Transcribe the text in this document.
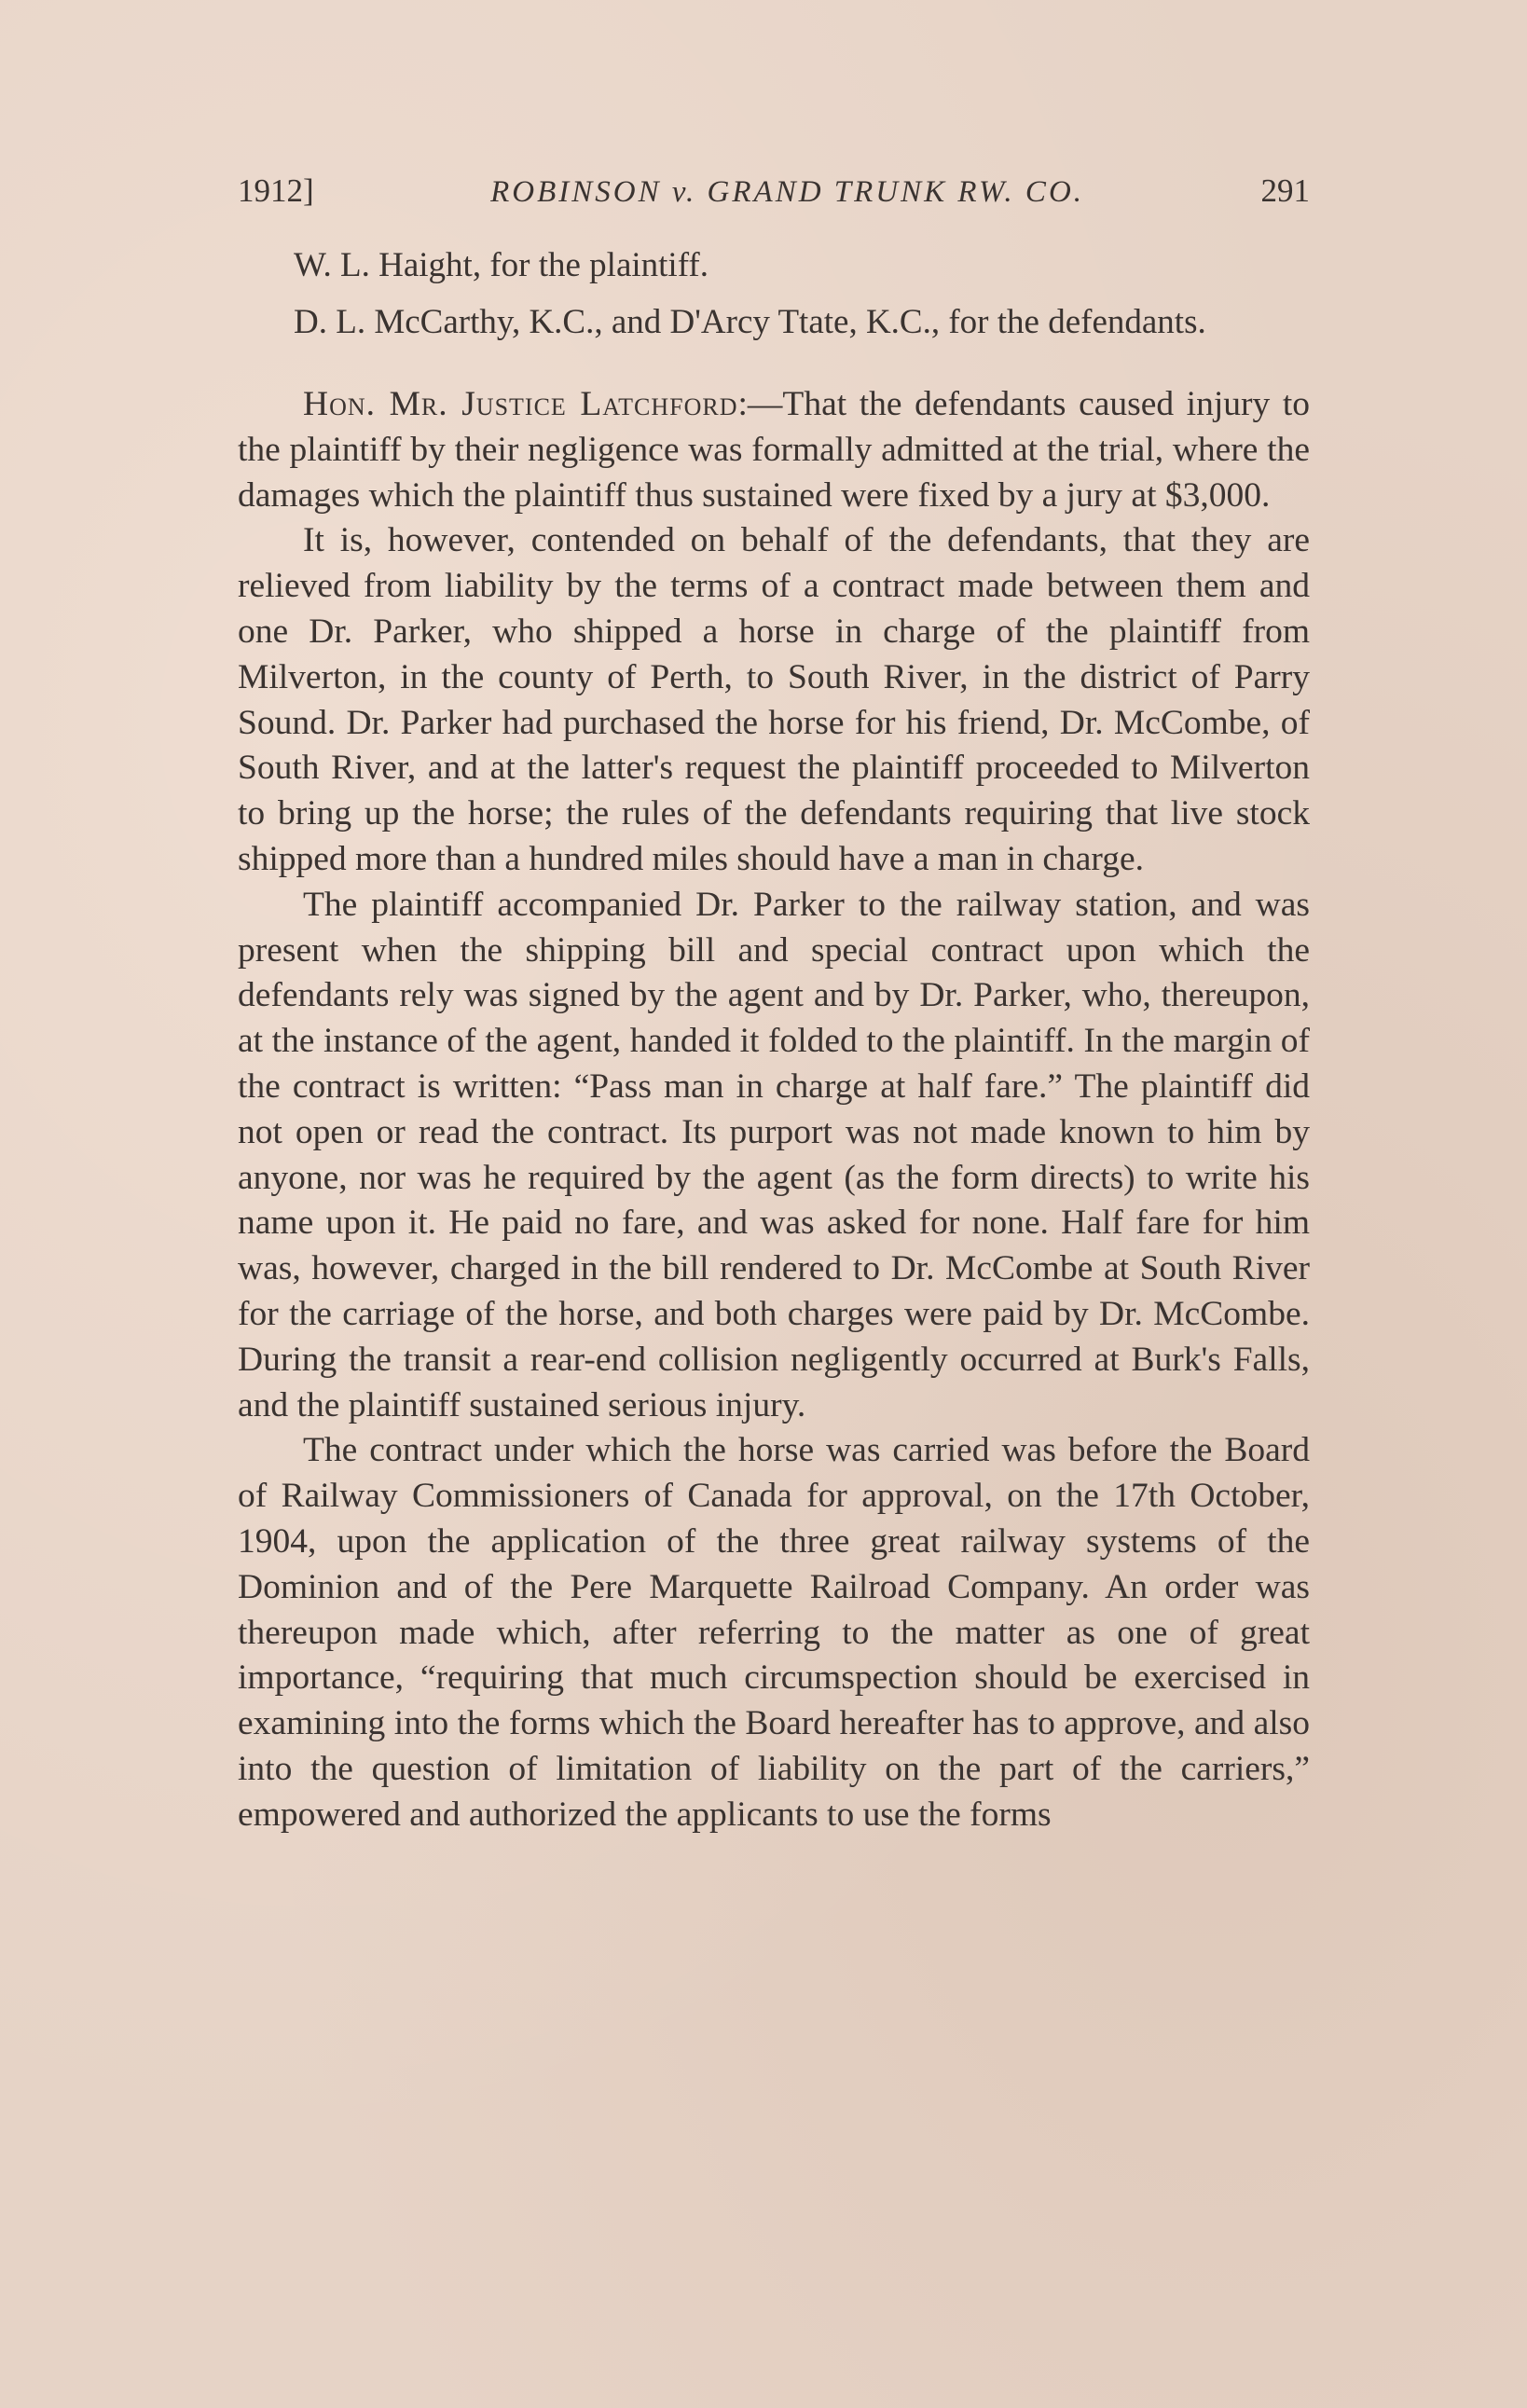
1912]	ROBINSON v. GRAND TRUNK RW. CO.	291

W. L. Haight, for the plaintiff.

D. L. McCarthy, K.C., and D'Arcy Ttate, K.C., for the defendants.

Hon. Mr. Justice Latchford:—That the defendants caused injury to the plaintiff by their negligence was formally admitted at the trial, where the damages which the plaintiff thus sustained were fixed by a jury at $3,000.

It is, however, contended on behalf of the defendants, that they are relieved from liability by the terms of a contract made between them and one Dr. Parker, who shipped a horse in charge of the plaintiff from Milverton, in the county of Perth, to South River, in the district of Parry Sound. Dr. Parker had purchased the horse for his friend, Dr. McCombe, of South River, and at the latter's request the plaintiff proceeded to Milverton to bring up the horse; the rules of the defendants requiring that live stock shipped more than a hundred miles should have a man in charge.

The plaintiff accompanied Dr. Parker to the railway station, and was present when the shipping bill and special contract upon which the defendants rely was signed by the agent and by Dr. Parker, who, thereupon, at the instance of the agent, handed it folded to the plaintiff. In the margin of the contract is written: “Pass man in charge at half fare.” The plaintiff did not open or read the contract. Its purport was not made known to him by anyone, nor was he required by the agent (as the form directs) to write his name upon it. He paid no fare, and was asked for none. Half fare for him was, however, charged in the bill rendered to Dr. McCombe at South River for the carriage of the horse, and both charges were paid by Dr. McCombe. During the transit a rear-end collision negligently occurred at Burk's Falls, and the plaintiff sustained serious injury.

The contract under which the horse was carried was before the Board of Railway Commissioners of Canada for approval, on the 17th October, 1904, upon the application of the three great railway systems of the Dominion and of the Pere Marquette Railroad Company. An order was thereupon made which, after referring to the matter as one of great importance, “requiring that much circumspection should be exercised in examining into the forms which the Board hereafter has to approve, and also into the question of limitation of liability on the part of the carriers,” empowered and authorized the applicants to use the forms
